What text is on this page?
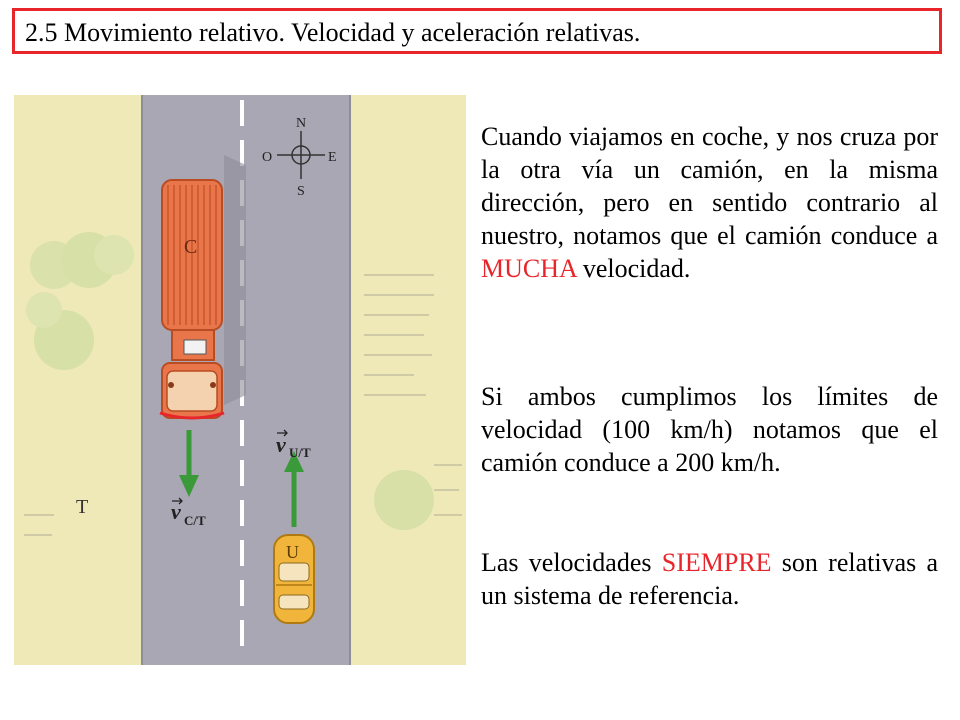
2.5 Movimiento relativo. Velocidad y aceleración relativas.
N
S
E
O
C
v C/T
T
v U/T
U
Cuando viajamos en coche, y nos cruza por la otra vía un camión, en la misma dirección, pero en sentido contrario al nuestro, notamos que el camión conduce a MUCHA velocidad.
Si ambos cumplimos los límites de velocidad (100 km/h) notamos que el camión conduce a 200 km/h.
Las velocidades SIEMPRE son relativas a un sistema de referencia.
